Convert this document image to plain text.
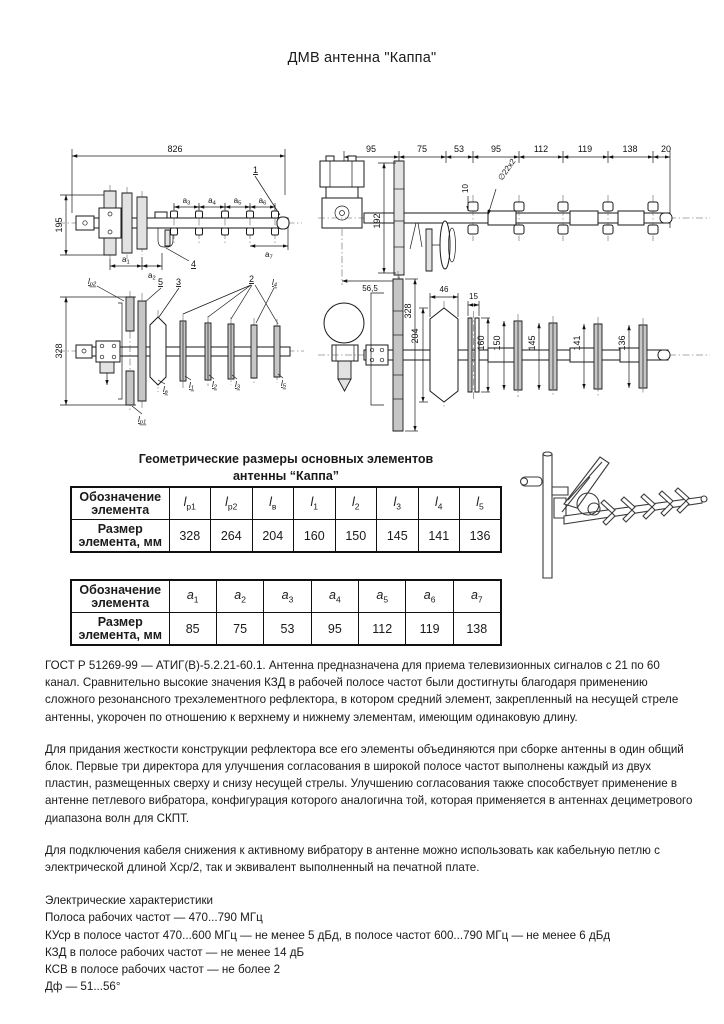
ДМВ антенна "Каппа"
826
1
195
4
$а_3$ $а_4$ $а_5$ $а_6$
$а_7$
$а_1$
$а_2$
$l_{р2}$	5 3	2 $l_4$
328
$l_{р1}$
$l_в$
$l_1$ $l_2$ $l_3$	$l_5$
95	75	53	95	112	119	138	20
192
56,5
10
∅22x2
328
204
46
15
160 150	145	141	136
Геометрические размеры основных элементов
антенны “Каппа”
Обозначение элемента	$l_{р1}$	$l_{р2}$	$l_в$	$l_1$	$l_2$	$l_3$	$l_4$	$l_5$
Размер элемента, мм	328	264	204	160	150	145	141	136
Обозначение элемента	$а_1$	$а_2$	$а_3$	$а_4$	$а_5$	$а_6$	$а_7$
Размер элемента, мм	85	75	53	95	112	119	138

ГОСТ Р 51269-99 — АТИГ(В)-5.2.21-60.1. Антенна предназначена для приема телевизионных сигналов с 21 по 60 канал. Сравнительно высокие значения КЗД в рабочей полосе частот были достигнуты благодаря применению сложного резонансного трехэлементного рефлектора, в котором средний элемент, закрепленный на несущей стреле антенны, укорочен по отношению к верхнему и нижнему элементам, имеющим одинаковую длину.

Для придания жесткости конструкции рефлектора все его элементы объединяются при сборке антенны в один общий блок. Первые три директора для улучшения согласования в широкой полосе частот выполнены каждый из двух пластин, размещенных сверху и снизу несущей стрелы. Улучшению согласования также способствует применение в антенне петлевого вибратора, конфигурация которого аналогична той, которая применяется в антеннах дециметрового диапазона волн для СКПТ.

Для подключения кабеля снижения к активному вибратору в антенне можно использовать как кабельную петлю с электрической длиной Хср/2, так и эквивалент выполненный на печатной плате.

Электрические характеристики
Полоса рабочих частот — 470...790 МГц
КУср в полосе частот 470...600 МГц — не менее 5 дБд, в полосе частот 600...790 МГц — не менее 6 дБд
КЗД в полосе рабочих частот — не менее 14 дБ
КСВ в полосе рабочих частот — не более 2
Дф — 51...56°
